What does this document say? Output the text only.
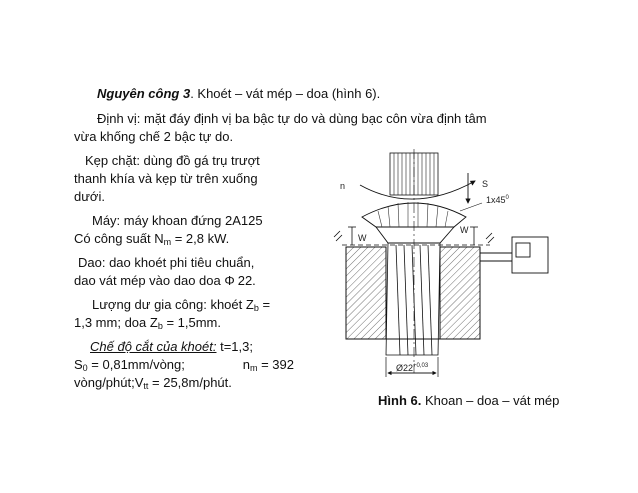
Nguyên công 3. Khoét – vát mép – doa (hình 6).
Định vị: mặt đáy định vị ba bậc tự do và dùng bạc côn vừa định tâm
vừa khống chế 2 bậc tự do.
Kẹp chặt: dùng đồ gá trụ trượt
thanh khía và kẹp từ trên xuống
dưới.
Máy: máy khoan đứng 2A125
Có công suất $N_m = 2,8$ kW.
Dao: dao khoét phi tiêu chuẩn,
dao vát mép vào dao doa Φ 22.
Lượng dư gia công: khoét $Z_b$ =
1,3 mm; doa $Z_b = 1,5mm$.
Chế độ cắt của khoét: t=1,3;
$S_0$ = 0,81mm/vòng;	$n_m = 392$
vòng/$phút;V_{tt}$ = 25,8m/phút.
n	S
$1x45^0$
W
W
$Ø22^{+0,03}$
Hình 6. Khoan – doa – vát mép
